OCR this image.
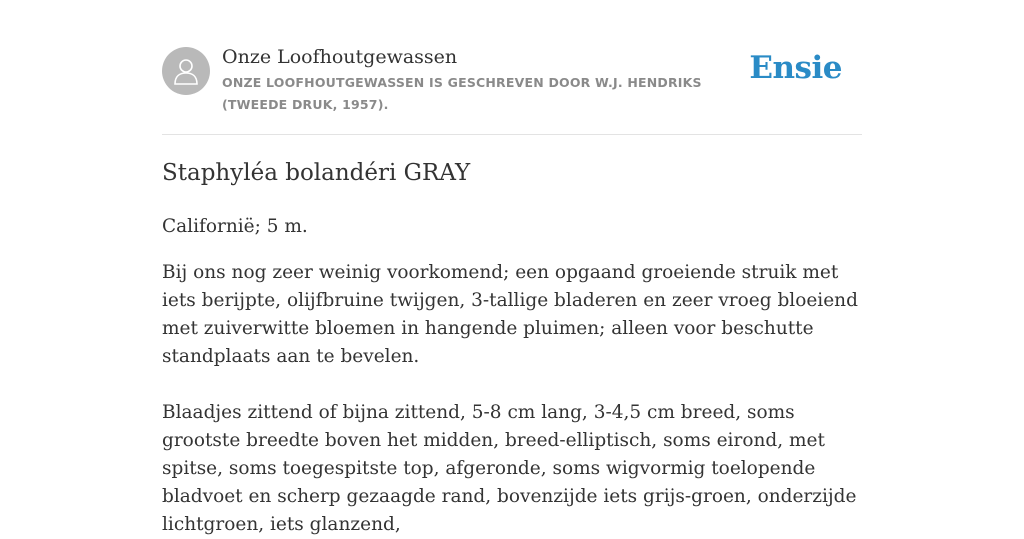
Onze Loofhoutgewassen
ONZE LOOFHOUTGEWASSEN IS GESCHREVEN DOOR W.J. HENDRIKS (TWEEDE DRUK, 1957).
Ensie
Staphyléa bolandéri GRAY

Californië; 5 m.

Bij ons nog zeer weinig voorkomend; een opgaand groeiende struik met iets berijpte, olijfbruine twijgen, 3-tallige bladeren en zeer vroeg bloeiend met zuiverwitte bloemen in hangende pluimen; alleen voor beschutte standplaats aan te bevelen.

Blaadjes zittend of bijna zittend, 5-8 cm lang, 3-4,5 cm breed, soms grootste breedte boven het midden, breed-elliptisch, soms eirond, met spitse, soms toegespitste top, afgeronde, soms wigvormig toelopende bladvoet en scherp gezaagde rand, bovenzijde iets grijs-groen, onderzijde lichtgroen, iets glanzend,
